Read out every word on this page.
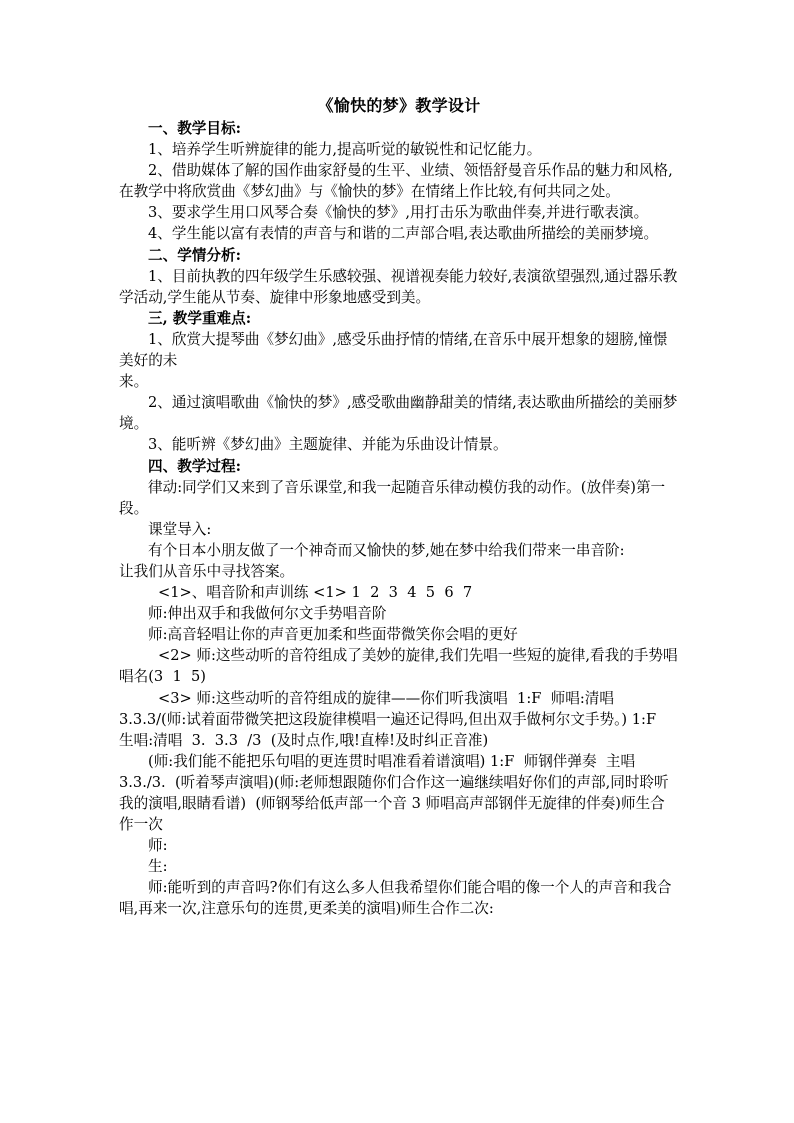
《愉快的梦》教学设计

一、教学目标:

1、培养学生听辨旋律的能力,提高听觉的敏锐性和记忆能力。

2、借助媒体了解的国作曲家舒曼的生平、业绩、领悟舒曼音乐作品的魅力和风格,在教学中将欣赏曲《梦幻曲》与《愉快的梦》在情绪上作比较,有何共同之处。

3、要求学生用口风琴合奏《愉快的梦》,用打击乐为歌曲伴奏,并进行歌表演。

4、学生能以富有表情的声音与和谐的二声部合唱,表达歌曲所描绘的美丽梦境。

二、学情分析:

1、目前执教的四年级学生乐感较强、视谱视奏能力较好,表演欲望强烈,通过器乐教学活动,学生能从节奏、旋律中形象地感受到美。

三, 教学重难点:

1、欣赏大提琴曲《梦幻曲》,感受乐曲抒情的情绪,在音乐中展开想象的翅膀,憧憬美好的未

来。

2、通过演唱歌曲《愉快的梦》,感受歌曲幽静甜美的情绪,表达歌曲所描绘的美丽梦境。

3、能听辨《梦幻曲》主题旋律、并能为乐曲设计情景。

四、教学过程:

律动:同学们又来到了音乐课堂,和我一起随音乐律动模仿我的动作。(放伴奏)第一段。

课堂导入:

有个日本小朋友做了一个神奇而又愉快的梦,她在梦中给我们带来一串音阶:

让我们从音乐中寻找答案。

<1>、唱音阶和声训练 <1> 1  2  3  4  5  6  7

师:伸出双手和我做何尔文手势唱音阶

师:高音轻唱让你的声音更加柔和些面带微笑你会唱的更好

<2> 师:这些动听的音符组成了美妙的旋律,我们先唱一些短的旋律,看我的手势唱唱名(3  1  5)

<3> 师:这些动听的音符组成的旋律——你们听我演唱  1:F  师唱:清唱 3.3.3/(师:试着面带微笑把这段旋律模唱一遍还记得吗,但出双手做柯尔文手势。) 1:F  生唱:清唱  3.  3.3  /3  (及时点作,哦!直棒!及时纠正音准)

(师:我们能不能把乐句唱的更连贯时唱准看着谱演唱) 1:F  师钢伴弹奏  主唱 3.3./3.  (听着琴声演唱)(师:老师想跟随你们合作这一遍继续唱好你们的声部,同时聆听我的演唱,眼睛看谱)  (师钢琴给低声部一个音 3 师唱高声部钢伴无旋律的伴奏)师生合作一次

师:

生:

师:能听到的声音吗?你们有这么多人但我希望你们能合唱的像一个人的声音和我合唱,再来一次,注意乐句的连贯,更柔美的演唱)师生合作二次:
